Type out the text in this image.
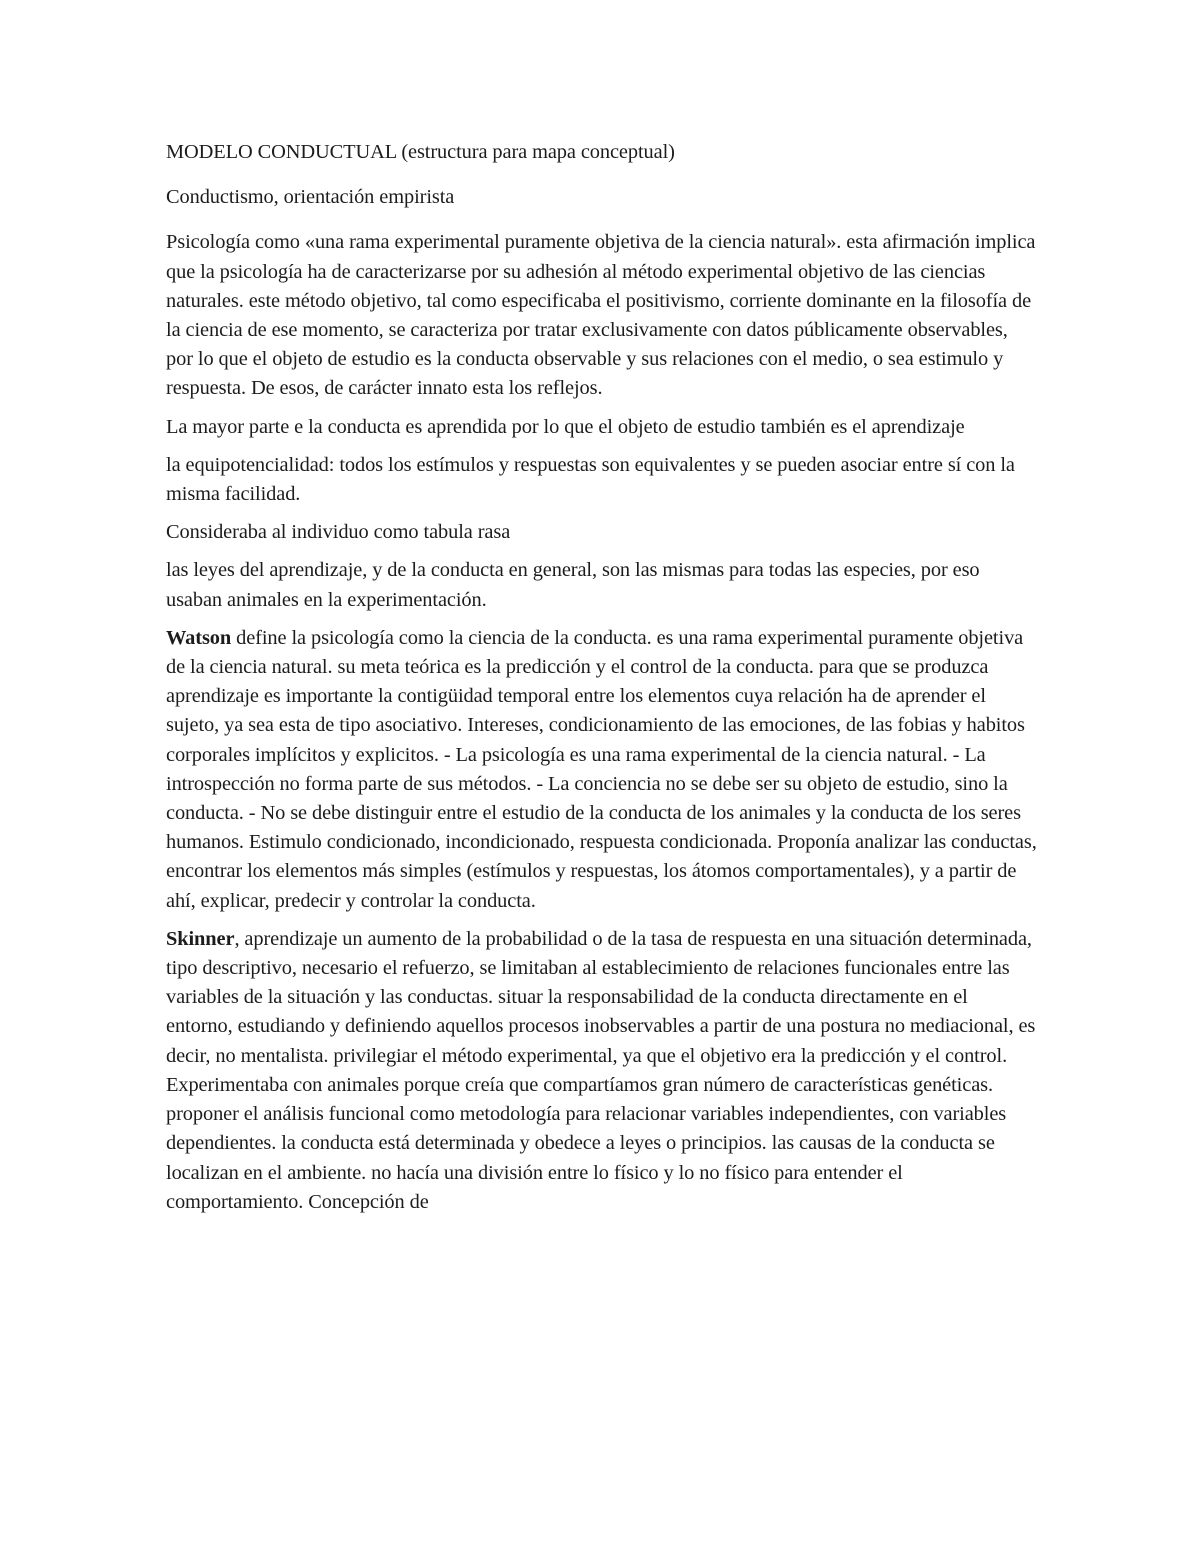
MODELO CONDUCTUAL (estructura para mapa conceptual)

Conductismo, orientación empirista

Psicología como «una rama experimental puramente objetiva de la ciencia natural». esta afirmación implica que la psicología ha de caracterizarse por su adhesión al método experimental objetivo de las ciencias naturales. este método objetivo, tal como especificaba el positivismo, corriente dominante en la filosofía de la ciencia de ese momento, se caracteriza por tratar exclusivamente con datos públicamente observables, por lo que el objeto de estudio es la conducta observable y sus relaciones con el medio, o sea estimulo y respuesta. De esos, de carácter innato esta los reflejos.

La mayor parte e la conducta es aprendida por lo que el objeto de estudio también es el aprendizaje

la equipotencialidad: todos los estímulos y respuestas son equivalentes y se pueden asociar entre sí con la misma facilidad.

Consideraba al individuo como tabula rasa

las leyes del aprendizaje, y de la conducta en general, son las mismas para todas las especies, por eso usaban animales en la experimentación.

Watson define la psicología como la ciencia de la conducta. es una rama experimental puramente objetiva de la ciencia natural. su meta teórica es la predicción y el control de la conducta. para que se produzca aprendizaje es importante la contigüidad temporal entre los elementos cuya relación ha de aprender el sujeto, ya sea esta de tipo asociativo. Intereses, condicionamiento de las emociones, de las fobias y habitos corporales implícitos y explicitos. - La psicología es una rama experimental de la ciencia natural. - La introspección no forma parte de sus métodos. - La conciencia no se debe ser su objeto de estudio, sino la conducta. - No se debe distinguir entre el estudio de la conducta de los animales y la conducta de los seres humanos. Estimulo condicionado, incondicionado, respuesta condicionada. Proponía analizar las conductas, encontrar los elementos más simples (estímulos y respuestas, los átomos comportamentales), y a partir de ahí, explicar, predecir y controlar la conducta.

Skinner, aprendizaje un aumento de la probabilidad o de la tasa de respuesta en una situación determinada, tipo descriptivo, necesario el refuerzo, se limitaban al establecimiento de relaciones funcionales entre las variables de la situación y las conductas. situar la responsabilidad de la conducta directamente en el entorno, estudiando y definiendo aquellos procesos inobservables a partir de una postura no mediacional, es decir, no mentalista. privilegiar el método experimental, ya que el objetivo era la predicción y el control. Experimentaba con animales porque creía que compartíamos gran número de características genéticas. proponer el análisis funcional como metodología para relacionar variables independientes, con variables dependientes. la conducta está determinada y obedece a leyes o principios. las causas de la conducta se localizan en el ambiente. no hacía una división entre lo físico y lo no físico para entender el comportamiento. Concepción de
